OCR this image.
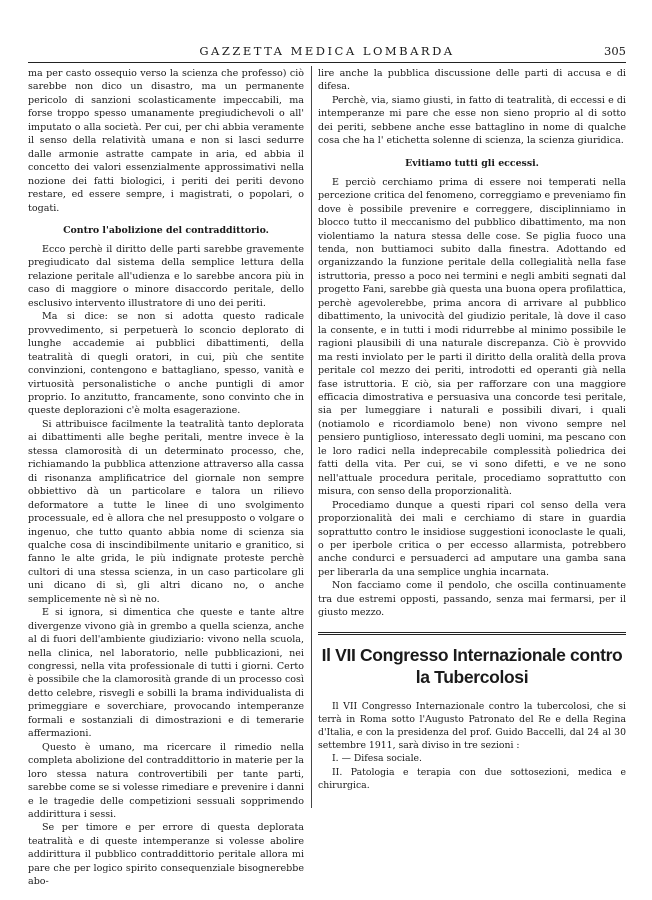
GAZZETTA MEDICA LOMBARDA	305

ma per casto ossequio verso la scienza che professo) ciò sarebbe non dico un disastro, ma un permanente pericolo di sanzioni scolasticamente impeccabili, ma forse troppo spesso umanamente pregiudichevoli o all' imputato o alla società. Per cui, per chi abbia veramente il senso della relatività umana e non si lasci sedurre dalle armonie astratte campate in aria, ed abbia il concetto dei valori essenzialmente approssimativi nella nozione dei fatti biologici, i periti dei periti devono restare, ed essere sempre, i magistrati, o popolari, o togati.

Contro l'abolizione del contraddittorio.

Ecco perchè il diritto delle parti sarebbe gravemente pregiudicato dal sistema della semplice lettura della relazione peritale all'udienza e lo sarebbe ancora più in caso di maggiore o minore disaccordo peritale, dello esclusivo intervento illustratore di uno dei periti.

Ma si dice: se non si adotta questo radicale provvedimento, si perpetuerà lo sconcio deplorato di lunghe accademie ai pubblici dibattimenti, della teatralità di quegli oratori, in cui, più che sentite convinzioni, contengono e battagliano, spesso, vanità e virtuosità personalistiche o anche puntigli di amor proprio. Io anzitutto, francamente, sono convinto che in queste deplorazioni c'è molta esagerazione.

Si attribuisce facilmente la teatralità tanto deplorata ai dibattimenti alle beghe peritali, mentre invece è la stessa clamorosità di un determinato processo, che, richiamando la pubblica attenzione attraverso alla cassa di risonanza amplificatrice del giornale non sempre obbiettivo dà un particolare e talora un rilievo deformatore a tutte le linee di uno svolgimento processuale, ed è allora che nel presupposto o volgare o ingenuo, che tutto quanto abbia nome di scienza sia qualche cosa di inscindibilmente unitario e granitico, si fanno le alte grida, le più indignate proteste perchè cultori di una stessa scienza, in un caso particolare gli uni dicano di sì, gli altri dicano no, o anche semplicemente nè sì nè no.

E si ignora, si dimentica che queste e tante altre divergenze vivono già in grembo a quella scienza, anche al di fuori dell'ambiente giudiziario: vivono nella scuola, nella clinica, nel laboratorio, nelle pubblicazioni, nei congressi, nella vita professionale di tutti i giorni. Certo è possibile che la clamorosità grande di un processo così detto celebre, risvegli e sobilli la brama individualista di primeggiare e soverchiare, provocando intemperanze formali e sostanziali di dimostrazioni e di temerarie affermazioni.

Questo è umano, ma ricercare il rimedio nella completa abolizione del contraddittorio in materie per la loro stessa natura controvertibili per tante parti, sarebbe come se si volesse rimediare e prevenire i danni e le tragedie delle competizioni sessuali sopprimendo addirittura i sessi.

Se per timore e per errore di questa deplorata teatralità e di queste intemperanze si volesse abolire addirittura il pubblico contraddittorio peritale allora mi pare che per logico spirito consequenziale bisognerebbe abo-

lire anche la pubblica discussione delle parti di accusa e di difesa.

Perchè, via, siamo giusti, in fatto di teatralità, di eccessi e di intemperanze mi pare che esse non sieno proprio al di sotto dei periti, sebbene anche esse battaglino in nome di qualche cosa che ha l' etichetta solenne di scienza, la scienza giuridica.

Evitiamo tutti gli eccessi.

E perciò cerchiamo prima di essere noi temperati nella percezione critica del fenomeno, correggiamo e preveniamo fin dove è possibile prevenire e correggere, disciplinniamo in blocco tutto il meccanismo del pubblico dibattimento, ma non violentiamo la natura stessa delle cose. Se piglia fuoco una tenda, non buttiamoci subito dalla finestra. Adottando ed organizzando la funzione peritale della collegialità nella fase istruttoria, presso a poco nei termini e negli ambiti segnati dal progetto Fani, sarebbe già questa una buona opera profilattica, perchè agevolerebbe, prima ancora di arrivare al pubblico dibattimento, la univocità del giudizio peritale, là dove il caso la consente, e in tutti i modi ridurrebbe al minimo possibile le ragioni plausibili di una naturale discrepanza. Ciò è provvido ma resti inviolato per le parti il diritto della oralità della prova peritale col mezzo dei periti, introdotti ed operanti già nella fase istruttoria. E ciò, sia per rafforzare con una maggiore efficacia dimostrativa e persuasiva una concorde tesi peritale, sia per lumeggiare i naturali e possibili divari, i quali (notiamolo e ricordiamolo bene) non vivono sempre nel pensiero puntiglioso, interessato degli uomini, ma pescano con le loro radici nella indeprecabile complessità poliedrica dei fatti della vita. Per cui, se vi sono difetti, e ve ne sono nell'attuale procedura peritale, procediamo soprattutto con misura, con senso della proporzionalità.

Procediamo dunque a questi ripari col senso della vera proporzionalità dei mali e cerchiamo di stare in guardia soprattutto contro le insidiose suggestioni iconoclaste le quali, o per iperbole critica o per eccesso allarmista, potrebbero anche condurci e persuaderci ad amputare una gamba sana per liberarla da una semplice unghia incarnata.

Non facciamo come il pendolo, che oscilla continuamente tra due estremi opposti, passando, senza mai fermarsi, per il giusto mezzo.

Il VII Congresso Internazionale contro la Tubercolosi

Il VII Congresso Internazionale contro la tubercolosi, che si terrà in Roma sotto l'Augusto Patronato del Re e della Regina d'Italia, e con la presidenza del prof. Guido Baccelli, dal 24 al 30 settembre 1911, sarà diviso in tre sezioni :

I. — Difesa sociale.

II. Patologia e terapia con due sottosezioni, medica e chirurgica.
